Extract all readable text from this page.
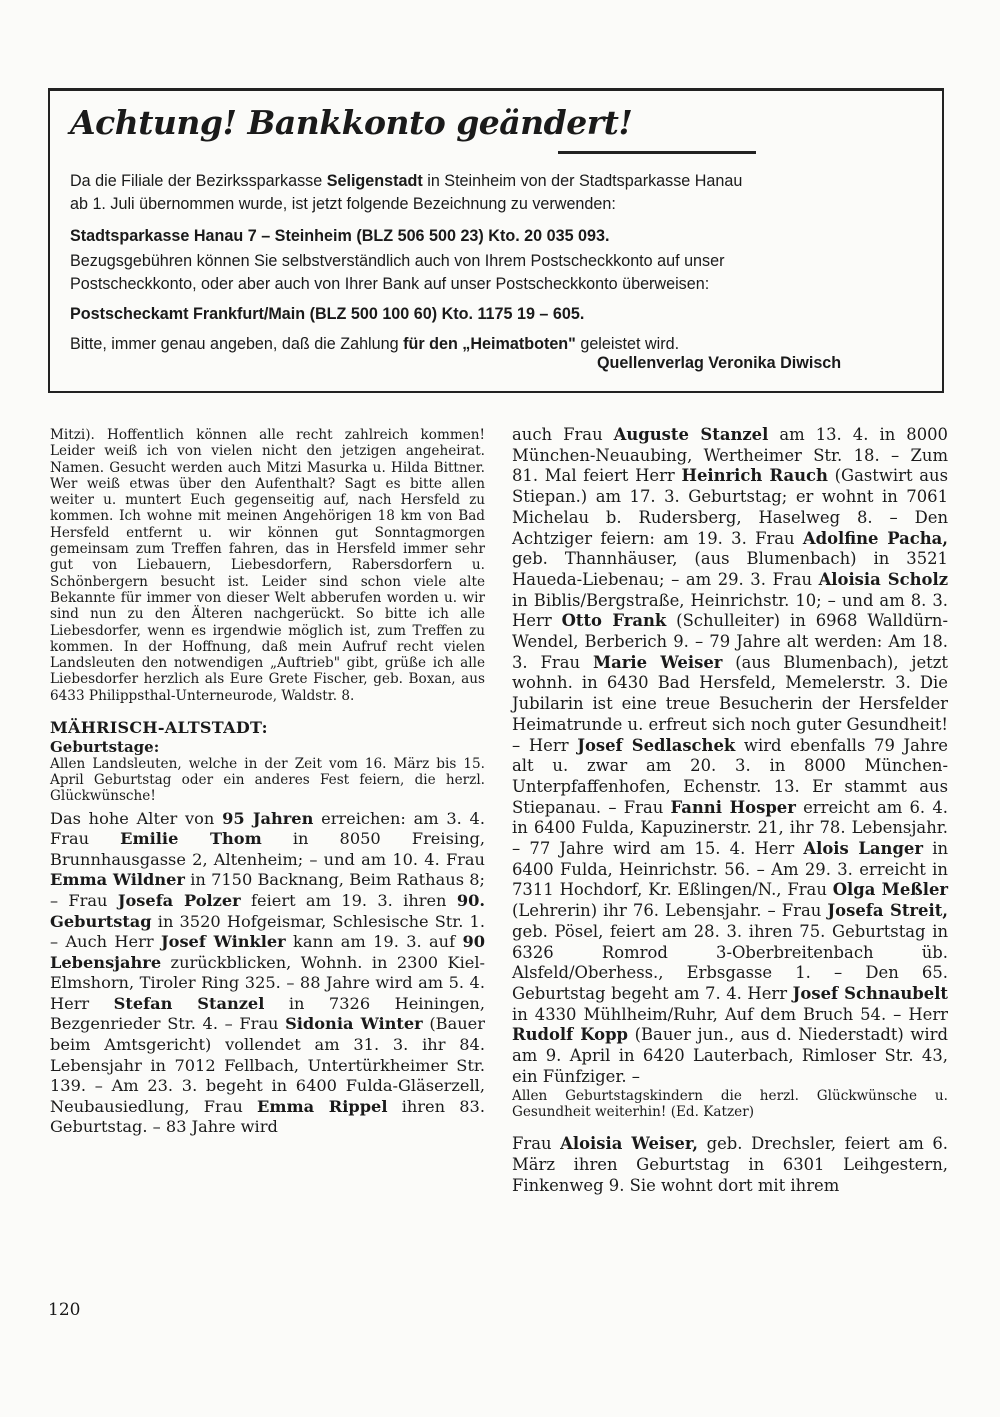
Achtung! Bankkonto geändert!

Da die Filiale der Bezirkssparkasse Seligenstadt in Steinheim von der Stadtsparkasse Hanau

ab 1. Juli übernommen wurde, ist jetzt folgende Bezeichnung zu verwenden:

Stadtsparkasse Hanau 7 – Steinheim (BLZ 506 500 23) Kto. 20 035 093.

Bezugsgebühren können Sie selbstverständlich auch von Ihrem Postscheckkonto auf unser

Postscheckkonto, oder aber auch von Ihrer Bank auf unser Postscheckkonto überweisen:

Postscheckamt Frankfurt/Main (BLZ 500 100 60) Kto. 1175 19 – 605.

Bitte, immer genau angeben, daß die Zahlung für den „Heimatboten" geleistet wird.

Quellenverlag Veronika Diwisch

Mitzi). Hoffentlich können alle recht zahlreich kommen! Leider weiß ich von vielen nicht den jetzigen angeheirat. Namen. Gesucht werden auch Mitzi Masurka u. Hilda Bittner. Wer weiß etwas über den Aufenthalt? Sagt es bitte allen weiter u. muntert Euch gegenseitig auf, nach Hersfeld zu kommen. Ich wohne mit meinen Angehörigen 18 km von Bad Hersfeld entfernt u. wir können gut Sonntagmorgen gemeinsam zum Treffen fahren, das in Hersfeld immer sehr gut von Liebauern, Liebesdorfern, Rabersdorfern u. Schönbergern besucht ist. Leider sind schon viele alte Bekannte für immer von dieser Welt abberufen worden u. wir sind nun zu den Älteren nachgerückt. So bitte ich alle Liebesdorfer, wenn es irgendwie möglich ist, zum Treffen zu kommen. In der Hoffnung, daß mein Aufruf recht vielen Landsleuten den notwendigen „Auftrieb" gibt, grüße ich alle Liebesdorfer herzlich als Eure Grete Fischer, geb. Boxan, aus 6433 Philippsthal-Unterneurode, Waldstr. 8.

MÄHRISCH-ALTSTADT:

Geburtstage:

Allen Landsleuten, welche in der Zeit vom 16. März bis 15. April Geburtstag oder ein anderes Fest feiern, die herzl. Glückwünsche!

Das hohe Alter von 95 Jahren erreichen: am 3. 4. Frau Emilie Thom in 8050 Freising, Brunnhausgasse 2, Altenheim; – und am 10. 4. Frau Emma Wildner in 7150 Backnang, Beim Rathaus 8; – Frau Josefa Polzer feiert am 19. 3. ihren 90. Geburtstag in 3520 Hofgeismar, Schlesische Str. 1. – Auch Herr Josef Winkler kann am 19. 3. auf 90 Lebensjahre zurückblicken, Wohnh. in 2300 Kiel-Elmshorn, Tiroler Ring 325. – 88 Jahre wird am 5. 4. Herr Stefan Stanzel in 7326 Heiningen, Bezgenrieder Str. 4. – Frau Sidonia Winter (Bauer beim Amtsgericht) vollendet am 31. 3. ihr 84. Lebensjahr in 7012 Fellbach, Untertürkheimer Str. 139. – Am 23. 3. begeht in 6400 Fulda-Gläserzell, Neubausiedlung, Frau Emma Rippel ihren 83. Geburtstag. – 83 Jahre wird

auch Frau Auguste Stanzel am 13. 4. in 8000 München-Neuaubing, Wertheimer Str. 18. – Zum 81. Mal feiert Herr Heinrich Rauch (Gastwirt aus Stiepan.) am 17. 3. Geburtstag; er wohnt in 7061 Michelau b. Rudersberg, Haselweg 8. – Den Achtziger feiern: am 19. 3. Frau Adolfine Pacha, geb. Thannhäuser, (aus Blumenbach) in 3521 Haueda-Liebenau; – am 29. 3. Frau Aloisia Scholz in Biblis/Bergstraße, Heinrichstr. 10; – und am 8. 3. Herr Otto Frank (Schulleiter) in 6968 Walldürn-Wendel, Berberich 9. – 79 Jahre alt werden: Am 18. 3. Frau Marie Weiser (aus Blumenbach), jetzt wohnh. in 6430 Bad Hersfeld, Memelerstr. 3. Die Jubilarin ist eine treue Besucherin der Hersfelder Heimatrunde u. erfreut sich noch guter Gesundheit! – Herr Josef Sedlaschek wird ebenfalls 79 Jahre alt u. zwar am 20. 3. in 8000 München-Unterpfaffenhofen, Echenstr. 13. Er stammt aus Stiepanau. – Frau Fanni Hosper erreicht am 6. 4. in 6400 Fulda, Kapuzinerstr. 21, ihr 78. Lebensjahr. – 77 Jahre wird am 15. 4. Herr Alois Langer in 6400 Fulda, Heinrichstr. 56. – Am 29. 3. erreicht in 7311 Hochdorf, Kr. Eßlingen/N., Frau Olga Meßler (Lehrerin) ihr 76. Lebensjahr. – Frau Josefa Streit, geb. Pösel, feiert am 28. 3. ihren 75. Geburtstag in 6326 Romrod 3-Oberbreitenbach üb. Alsfeld/Oberhess., Erbsgasse 1. – Den 65. Geburtstag begeht am 7. 4. Herr Josef Schnaubelt in 4330 Mühlheim/Ruhr, Auf dem Bruch 54. – Herr Rudolf Kopp (Bauer jun., aus d. Niederstadt) wird am 9. April in 6420 Lauterbach, Rimloser Str. 43, ein Fünfziger. –

Allen Geburtstagskindern die herzl. Glückwünsche u. Gesundheit weiterhin! (Ed. Katzer)

Frau Aloisia Weiser, geb. Drechsler, feiert am 6. März ihren Geburtstag in 6301 Leihgestern, Finkenweg 9. Sie wohnt dort mit ihrem

120
